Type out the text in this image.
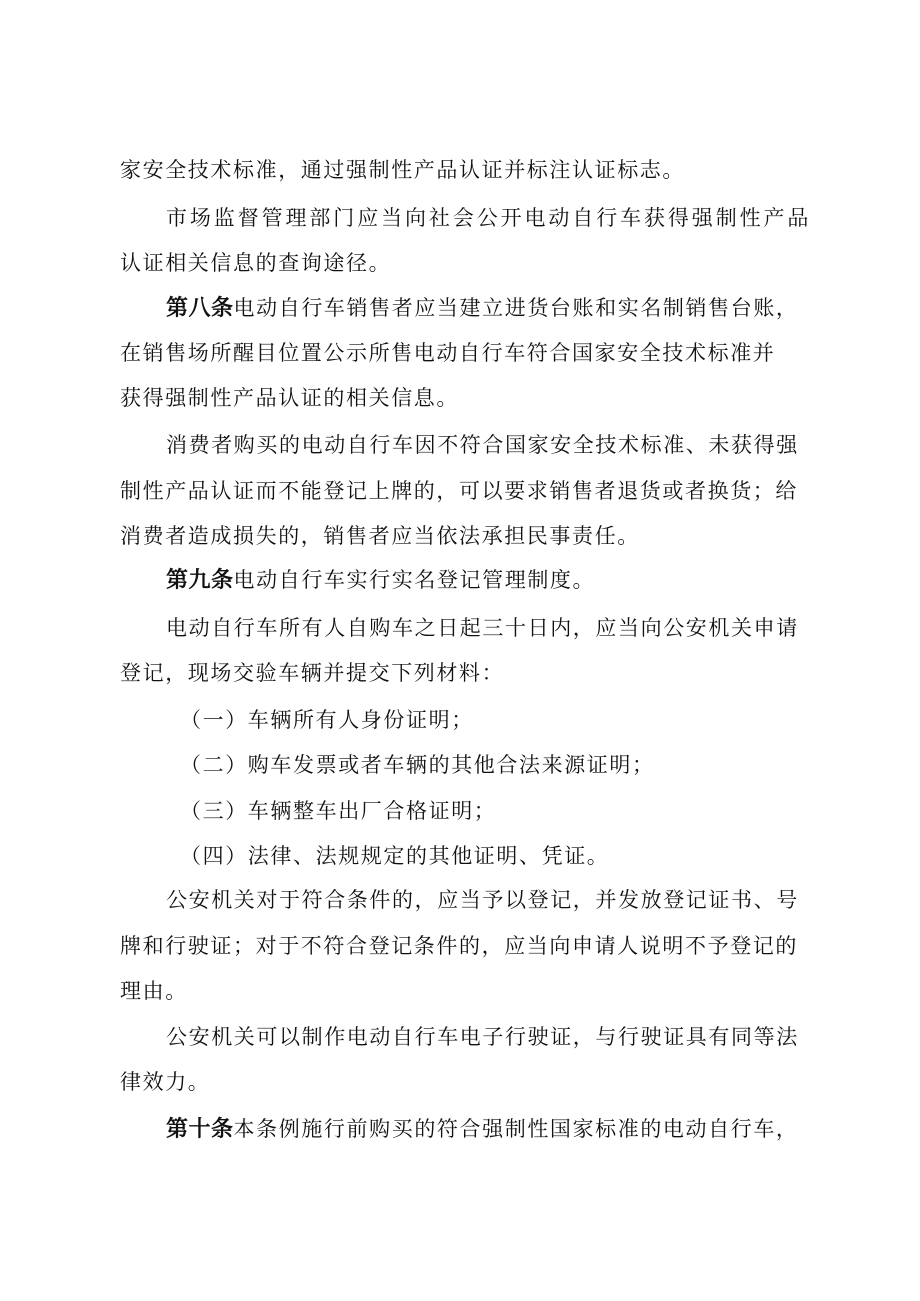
家安全技术标准，通过强制性产品认证并标注认证标志。
市场监督管理部门应当向社会公开电动自行车获得强制性产品
认证相关信息的查询途径。
第八条电动自行车销售者应当建立进货台账和实名制销售台账，
在销售场所醒目位置公示所售电动自行车符合国家安全技术标准并
获得强制性产品认证的相关信息。
消费者购买的电动自行车因不符合国家安全技术标准、未获得强
制性产品认证而不能登记上牌的，可以要求销售者退货或者换货；给
消费者造成损失的，销售者应当依法承担民事责任。
第九条电动自行车实行实名登记管理制度。
电动自行车所有人自购车之日起三十日内，应当向公安机关申请
登记，现场交验车辆并提交下列材料：
（一）车辆所有人身份证明；
（二）购车发票或者车辆的其他合法来源证明；
（三）车辆整车出厂合格证明；
（四）法律、法规规定的其他证明、凭证。
公安机关对于符合条件的，应当予以登记，并发放登记证书、号
牌和行驶证；对于不符合登记条件的，应当向申请人说明不予登记的
理由。
公安机关可以制作电动自行车电子行驶证，与行驶证具有同等法
律效力。
第十条本条例施行前购买的符合强制性国家标准的电动自行车，
